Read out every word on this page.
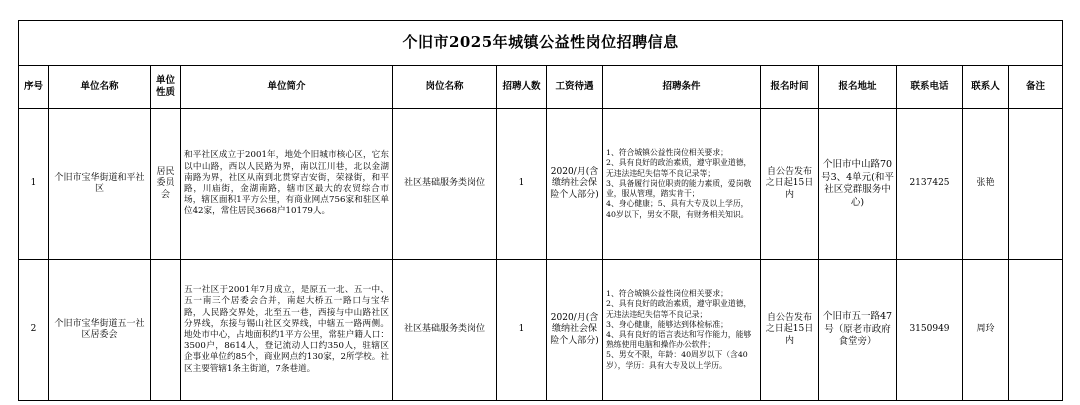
个旧市2025年城镇公益性岗位招聘信息												
序号	单位名称	单位性质	单位简介	岗位名称	招聘人数	工资待遇	招聘条件	报名时间	报名地址	联系电话	联系人	备注
1	个旧市宝华街道和平社区	居民委员会	和平社区成立于2001年，地处个旧城市核心区，它东以中山路，西以人民路为界，南以江川巷，北以金湖南路为界，社区从南到北贯穿吉安街，荣禄街，和平路，川庙街，金湖南路，辖市区最大的农贸综合市场，辖区面积1平方公里，有商业网点756家和驻区单位42家，常住居民3668户10179人。	社区基础服务类岗位	1	2020/月(含缴纳社会保险个人部分)	1、符合城镇公益性岗位相关要求；
2、具有良好的政治素质，遵守职业道德，无违法违纪失信等不良记录等；
3、具备履行岗位职责的能力素质，爱岗敬业，服从管理，踏实肯干；
4、身心健康；5、具有大专及以上学历，40岁以下，男女不限，有财务相关知识。	自公告发布之日起15日内	个旧市中山路70号3、4单元(和平社区党群服务中心)	2137425	张艳	
2	个旧市宝华街道五一社区居委会		五一社区于2001年7月成立，是原五一北、五一中、五一南三个居委会合并，南起大桥五一路口与宝华路，人民路交界处，北至五一巷，西接与中山路社区分界线，东接与锡山社区交界线，中辖五一路两侧。地处市中心，占地面积约1平方公里，常驻户籍人口：3500户，8614人，登记流动人口约350人，驻辖区企事业单位约85个，商业网点约130家，2所学校。社区主要管辖1条主街道，7条巷道。	社区基础服务类岗位	1	2020/月(含缴纳社会保险个人部分)	1、符合城镇公益性岗位相关要求；
2、具有良好的政治素质，遵守职业道德，无违法违纪失信等不良记录；
3、身心健康，能够达到体检标准；
4、具有良好的语言表达和写作能力，能够熟练使用电脑和操作办公软件；
5、男女不限，年龄：40周岁以下（含40岁），学历：具有大专及以上学历。	自公告发布之日起15日内	个旧市五一路47号（原老市政府食堂旁）	3150949	周玲	
